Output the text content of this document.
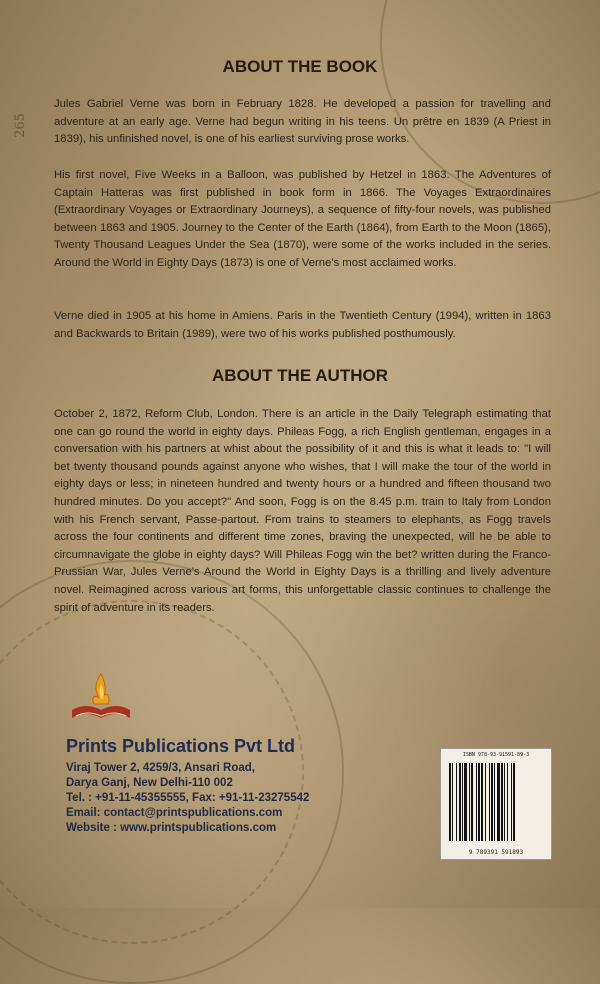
265
ABOUT THE BOOK

Jules Gabriel Verne was born in February 1828. He developed a passion for travelling and adventure at an early age. Verne had begun writing in his teens. Un prêtre en 1839 (A Priest in 1839), his unfinished novel, is one of his earliest surviving prose works.

His first novel, Five Weeks in a Balloon, was published by Hetzel in 1863. The Adventures of Captain Hatteras was first published in book form in 1866. The Voyages Extraordinaires (Extraordinary Voyages or Extraordinary Journeys), a sequence of fifty-four novels, was published between 1863 and 1905. Journey to the Center of the Earth (1864), from Earth to the Moon (1865), Twenty Thousand Leagues Under the Sea (1870), were some of the works included in the series. Around the World in Eighty Days (1873) is one of Verne's most acclaimed works.

Verne died in 1905 at his home in Amiens. Paris in the Twentieth Century (1994), written in 1863 and Backwards to Britain (1989), were two of his works published posthumously.

ABOUT THE AUTHOR

October 2, 1872, Reform Club, London. There is an article in the Daily Telegraph estimating that one can go round the world in eighty days. Phileas Fogg, a rich English gentleman, engages in a conversation with his partners at whist about the possibility of it and this is what it leads to: "I will bet twenty thousand pounds against anyone who wishes, that I will make the tour of the world in eighty days or less; in nineteen hundred and twenty hours or a hundred and fifteen thousand two hundred minutes. Do you accept?" And soon, Fogg is on the 8.45 p.m. train to Italy from London with his French servant, Passe-partout. From trains to steamers to elephants, as Fogg travels across the four continents and different time zones, braving the unexpected, will he be able to circumnavigate the globe in eighty days? Will Phileas Fogg win the bet? written during the Franco-Prussian War, Jules Verne's Around the World in Eighty Days is a thrilling and lively adventure novel. Reimagined across various art forms, this unforgettable classic continues to challenge the spirit of adventure in its readers.

Prints Publications Pvt Ltd
Viraj Tower 2, 4259/3, Ansari Road,
Darya Ganj, New Delhi-110 002
Tel. : +91-11-45355555, Fax: +91-11-23275542
Email: contact@printspublications.com
Website : www.printspublications.com
ISBN 978-93-91591-89-3
9 789391 591893
